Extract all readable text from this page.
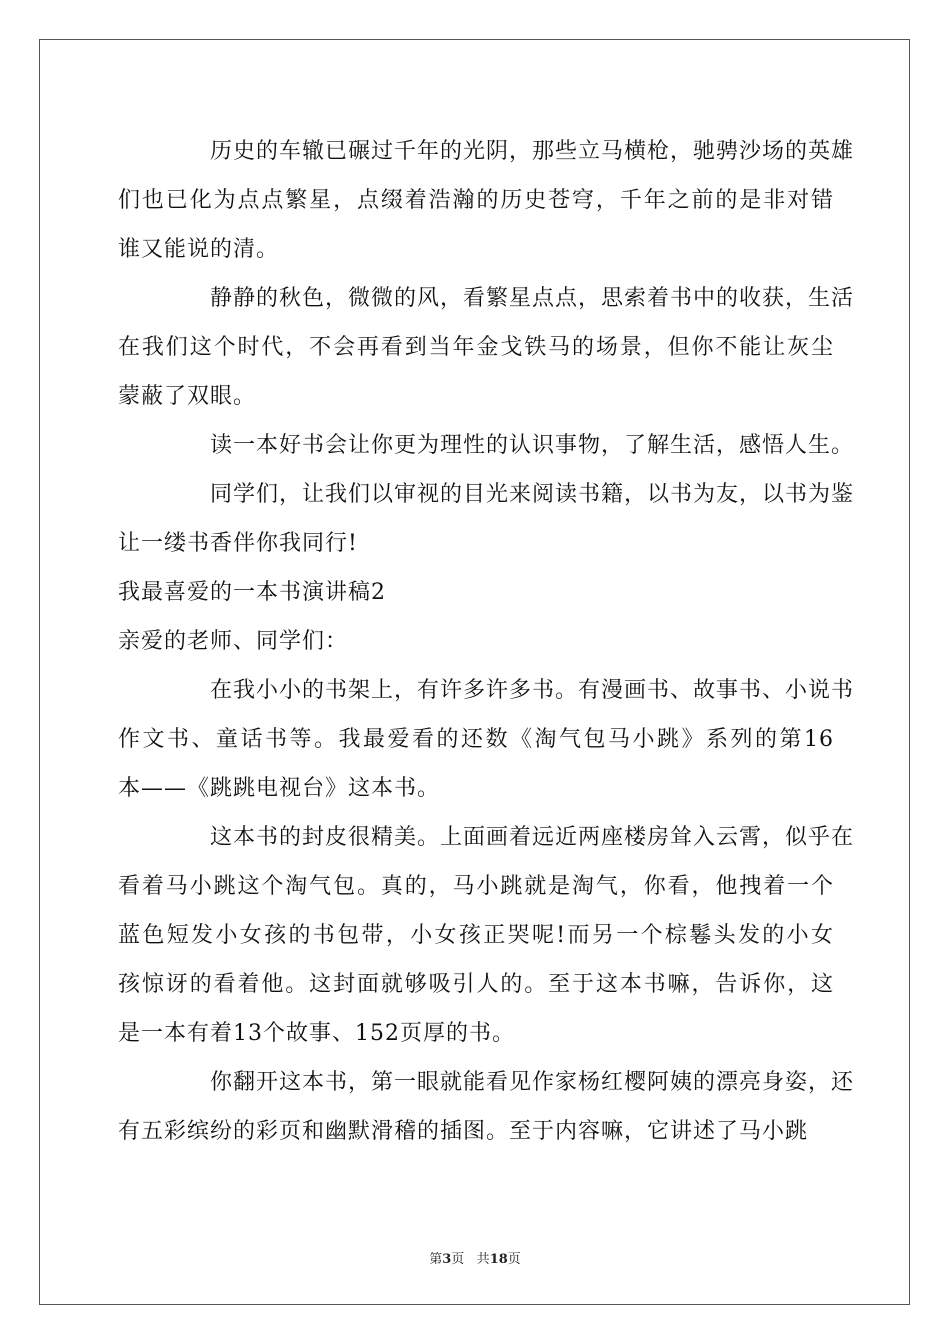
历史的车辙已碾过千年的光阴，那些立马横枪，驰骋沙场的英雄
们也已化为点点繁星，点缀着浩瀚的历史苍穹，千年之前的是非对错
谁又能说的清。

静静的秋色，微微的风，看繁星点点，思索着书中的收获，生活
在我们这个时代，不会再看到当年金戈铁马的场景，但你不能让灰尘
蒙蔽了双眼。

读一本好书会让你更为理性的认识事物，了解生活，感悟人生。

同学们，让我们以审视的目光来阅读书籍，以书为友，以书为鉴
让一缕书香伴你我同行!

我最喜爱的一本书演讲稿2

亲爱的老师、同学们：

在我小小的书架上，有许多许多书。有漫画书、故事书、小说书
作文书、童话书等。我最爱看的还数《淘气包马小跳》系列的第16
本——《跳跳电视台》这本书。

这本书的封皮很精美。上面画着远近两座楼房耸入云霄，似乎在
看着马小跳这个淘气包。真的，马小跳就是淘气，你看，他拽着一个
蓝色短发小女孩的书包带，小女孩正哭呢!而另一个棕鬈头发的小女
孩惊讶的看着他。这封面就够吸引人的。至于这本书嘛，告诉你，这
是一本有着13个故事、152页厚的书。

你翻开这本书，第一眼就能看见作家杨红樱阿姨的漂亮身姿，还
有五彩缤纷的彩页和幽默滑稽的插图。至于内容嘛，它讲述了马小跳

第3页 共18页
